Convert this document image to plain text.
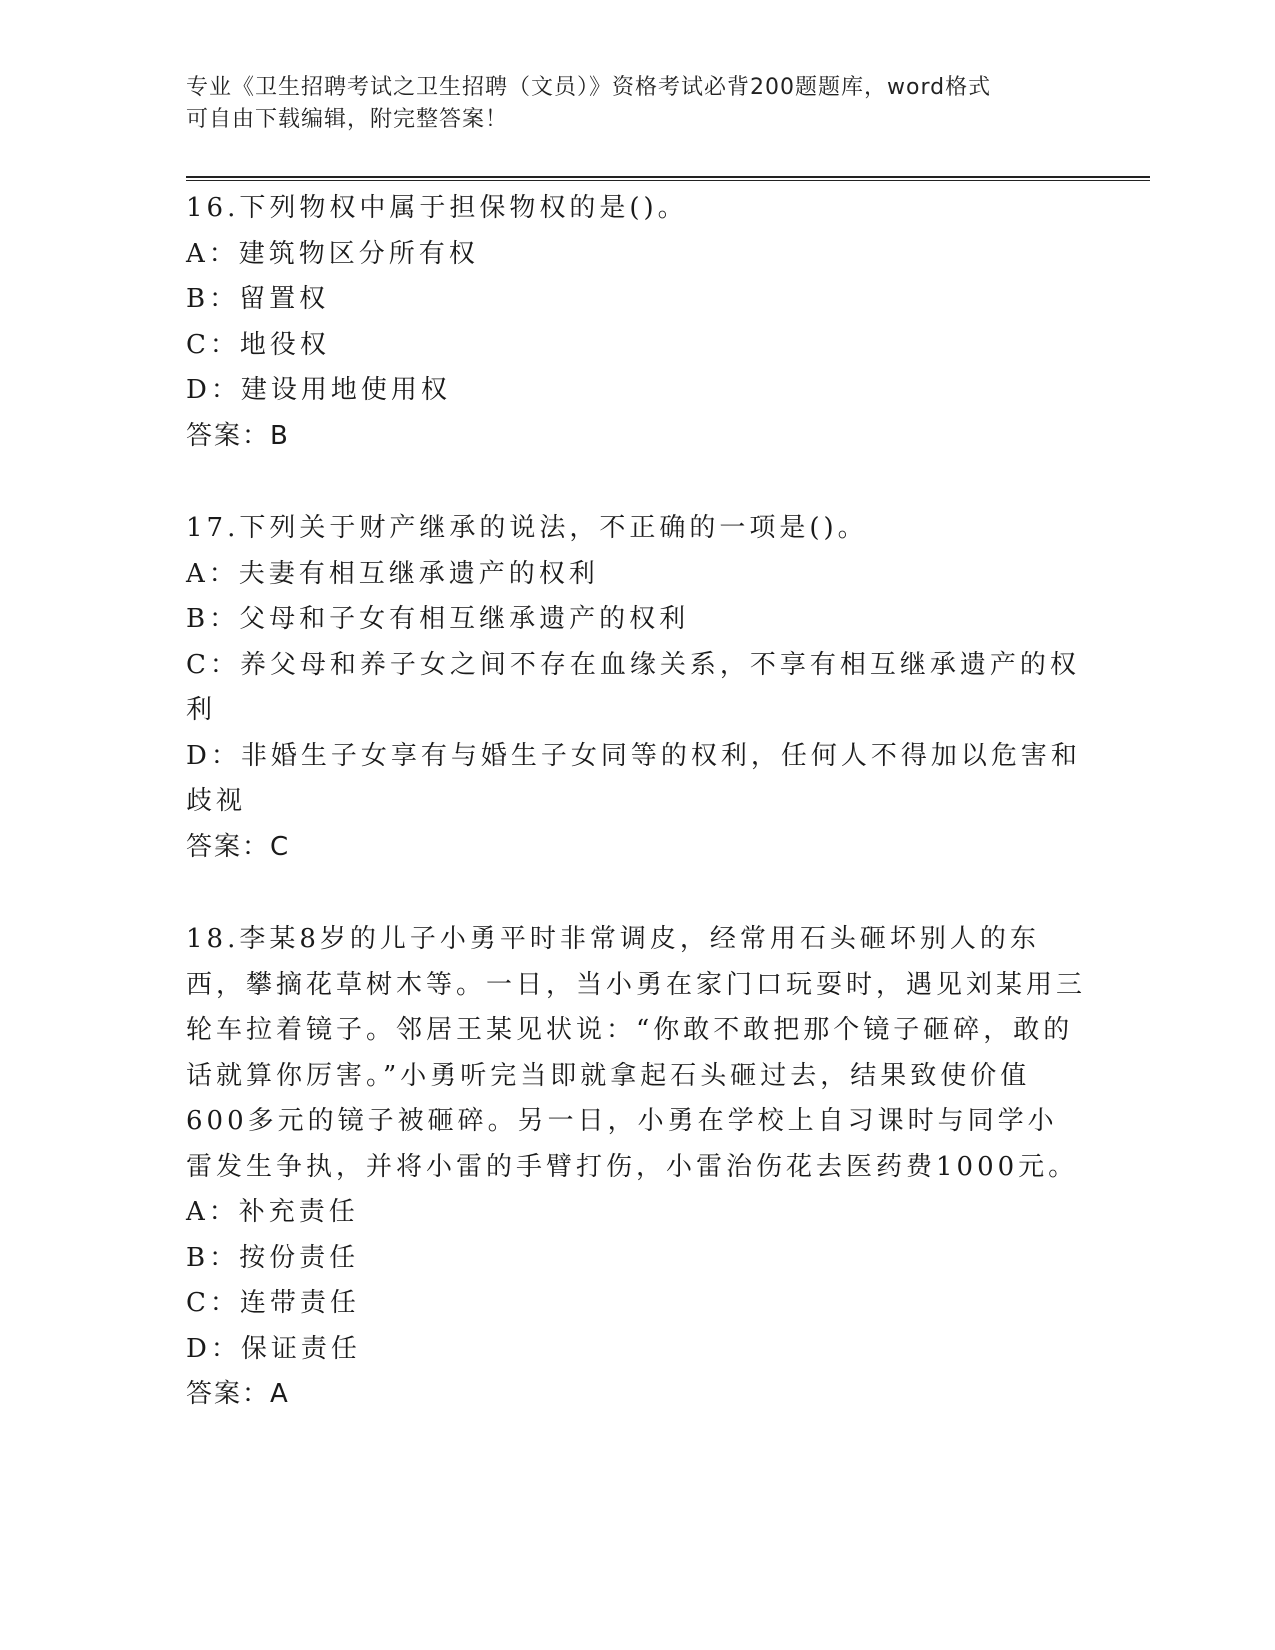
专业《卫生招聘考试之卫生招聘（文员）》资格考试必背200题题库，word格式
可自由下载编辑，附完整答案！

16.下列物权中属于担保物权的是()。

A：建筑物区分所有权

B：留置权

C：地役权

D：建设用地使用权

答案：B

17.下列关于财产继承的说法，不正确的一项是()。

A：夫妻有相互继承遗产的权利

B：父母和子女有相互继承遗产的权利

C：养父母和养子女之间不存在血缘关系，不享有相互继承遗产的权利

D：非婚生子女享有与婚生子女同等的权利，任何人不得加以危害和歧视

答案：C

18.李某8岁的儿子小勇平时非常调皮，经常用石头砸坏别人的东西，攀摘花草树木等。一日，当小勇在家门口玩耍时，遇见刘某用三轮车拉着镜子。邻居王某见状说：“你敢不敢把那个镜子砸碎，敢的话就算你厉害。”小勇听完当即就拿起石头砸过去，结果致使价值600多元的镜子被砸碎。另一日，小勇在学校上自习课时与同学小雷发生争执，并将小雷的手臂打伤，小雷治伤花去医药费1000元。

A：补充责任

B：按份责任

C：连带责任

D：保证责任

答案：A
